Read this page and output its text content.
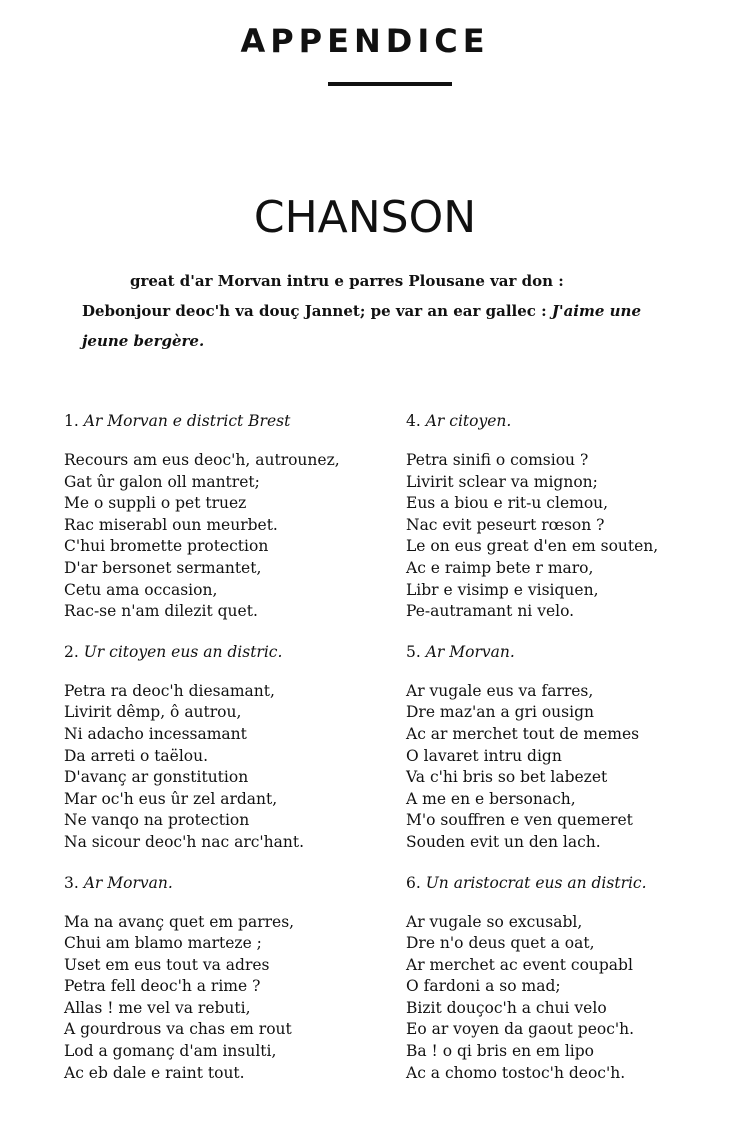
APPENDICE
CHANSON
great d'ar Morvan intru e parres Plousane var don :
Debonjour deoc'h va douç Jannet; pe var an ear gallec : J'aime une
jeune bergère.
1. Ar Morvan e district Brest
Recours am eus deoc'h, autrounez,
Gat ûr galon oll mantret;
Me o suppli o pet truez
Rac miserabl oun meurbet.
C'hui bromette protection
D'ar bersonet sermantet,
Cetu ama occasion,
Rac-se n'am dilezit quet.
2. Ur citoyen eus an distric.
Petra ra deoc'h diesamant,
Livirit dêmp, ô autrou,
Ni adacho incessamant
Da arreti o taëlou.
D'avanç ar gonstitution
Mar oc'h eus ûr zel ardant,
Ne vanqo na protection
Na sicour deoc'h nac arc'hant.
3. Ar Morvan.
Ma na avanç quet em parres,
Chui am blamo marteze ;
Uset em eus tout va adres
Petra fell deoc'h a rime ?
Allas ! me vel va rebuti,
A gourdrous va chas em rout
Lod a gomanç d'am insulti,
Ac eb dale e raint tout.
4. Ar citoyen.
Petra sinifi o comsiou ?
Livirit sclear va mignon;
Eus a biou e rit-u clemou,
Nac evit peseurt rœson ?
Le on eus great d'en em souten,
Ac e raimp bete r maro,
Libr e visimp e visiquen,
Pe-autramant ni velo.
5. Ar Morvan.
Ar vugale eus va farres,
Dre maz'an a gri ousign
Ac ar merchet tout de memes
O lavaret intru dign
Va c'hi bris so bet labezet
A me en e bersonach,
M'o souffren e ven quemeret
Souden evit un den lach.
6. Un aristocrat eus an distric.
Ar vugale so excusabl,
Dre n'o deus quet a oat,
Ar merchet ac event coupabl
O fardoni a so mad;
Bizit douçoc'h a chui velo
Eo ar voyen da gaout peoc'h.
Ba ! o qi bris en em lipo
Ac a chomo tostoc'h deoc'h.
